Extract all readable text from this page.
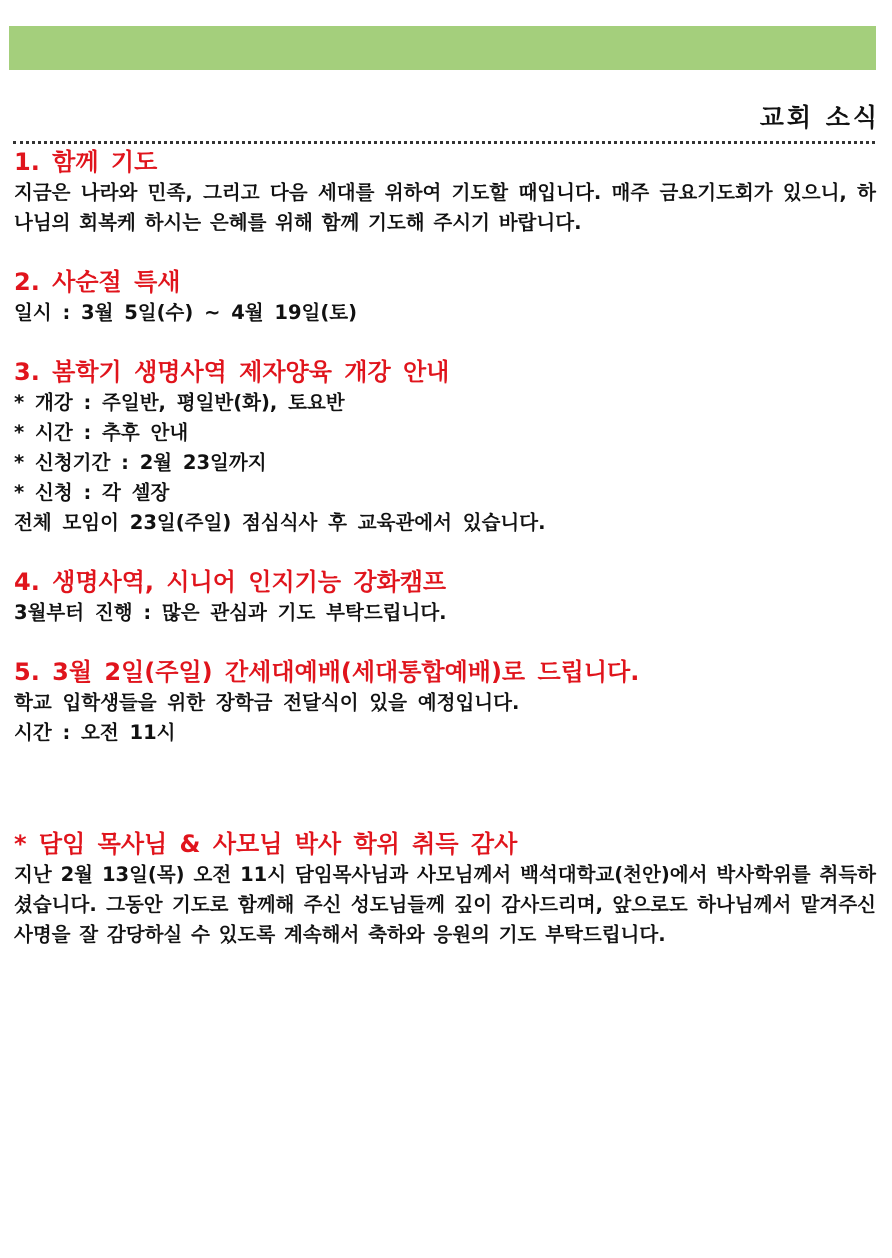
교회 소식
1. 함께 기도

지금은 나라와 민족, 그리고 다음 세대를 위하여 기도할 때입니다. 매주 금요기도회가 있으니, 하나님의 회복케 하시는 은혜를 위해 함께 기도해 주시기 바랍니다.

2. 사순절 특새

일시 : 3월 5일(수) ~ 4월 19일(토)

3. 봄학기 생명사역 제자양육 개강 안내

* 개강 : 주일반, 평일반(화), 토요반

* 시간 : 추후 안내

* 신청기간 : 2월 23일까지

* 신청 : 각 셀장

전체 모임이 23일(주일) 점심식사 후 교육관에서 있습니다.

4. 생명사역, 시니어 인지기능 강화캠프

3월부터 진행 : 많은 관심과 기도 부탁드립니다.

5. 3월 2일(주일) 간세대예배(세대통합예배)로 드립니다.

학교 입학생들을 위한 장학금 전달식이 있을 예정입니다.

시간 : 오전 11시

* 담임 목사님 & 사모님 박사 학위 취득 감사

지난 2월 13일(목) 오전 11시 담임목사님과 사모님께서 백석대학교(천안)에서 박사학위를 취득하셨습니다. 그동안 기도로 함께해 주신 성도님들께 깊이 감사드리며, 앞으로도 하나님께서 맡겨주신 사명을 잘 감당하실 수 있도록 계속해서 축하와 응원의 기도 부탁드립니다.
